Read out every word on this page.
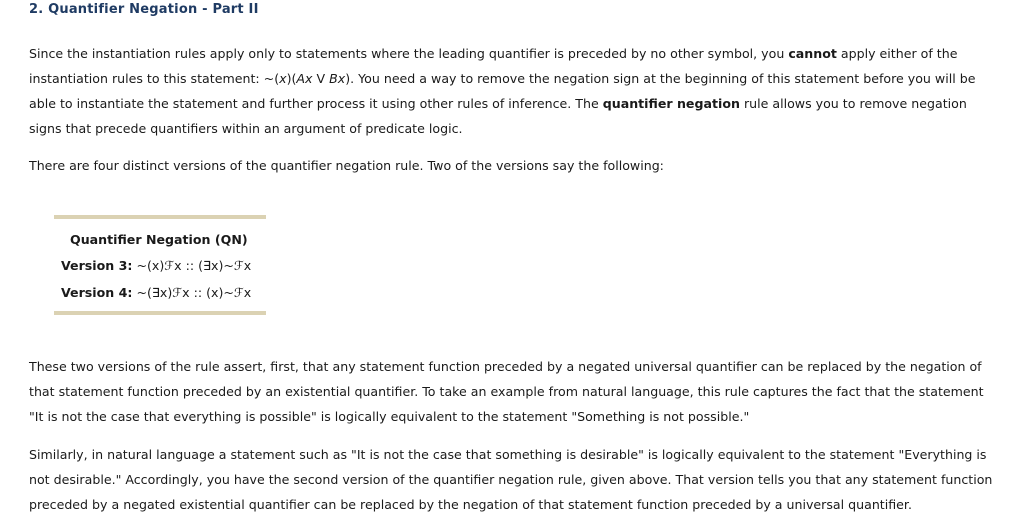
2. Quantifier Negation - Part II

Since the instantiation rules apply only to statements where the leading quantifier is preceded by no other symbol, you cannot apply either of the instantiation rules to this statement: ~(x)(Ax V Bx). You need a way to remove the negation sign at the beginning of this statement before you will be able to instantiate the statement and further process it using other rules of inference. The quantifier negation rule allows you to remove negation signs that precede quantifiers within an argument of predicate logic.

There are four distinct versions of the quantifier negation rule. Two of the versions say the following:

Quantifier Negation (QN)
Version 3: ~(x)ℱx :: (∃x)~ℱx
Version 4: ~(∃x)ℱx :: (x)~ℱx

These two versions of the rule assert, first, that any statement function preceded by a negated universal quantifier can be replaced by the negation of that statement function preceded by an existential quantifier. To take an example from natural language, this rule captures the fact that the statement "It is not the case that everything is possible" is logically equivalent to the statement "Something is not possible."

Similarly, in natural language a statement such as "It is not the case that something is desirable" is logically equivalent to the statement "Everything is not desirable." Accordingly, you have the second version of the quantifier negation rule, given above. That version tells you that any statement function preceded by a negated existential quantifier can be replaced by the negation of that statement function preceded by a universal quantifier.
